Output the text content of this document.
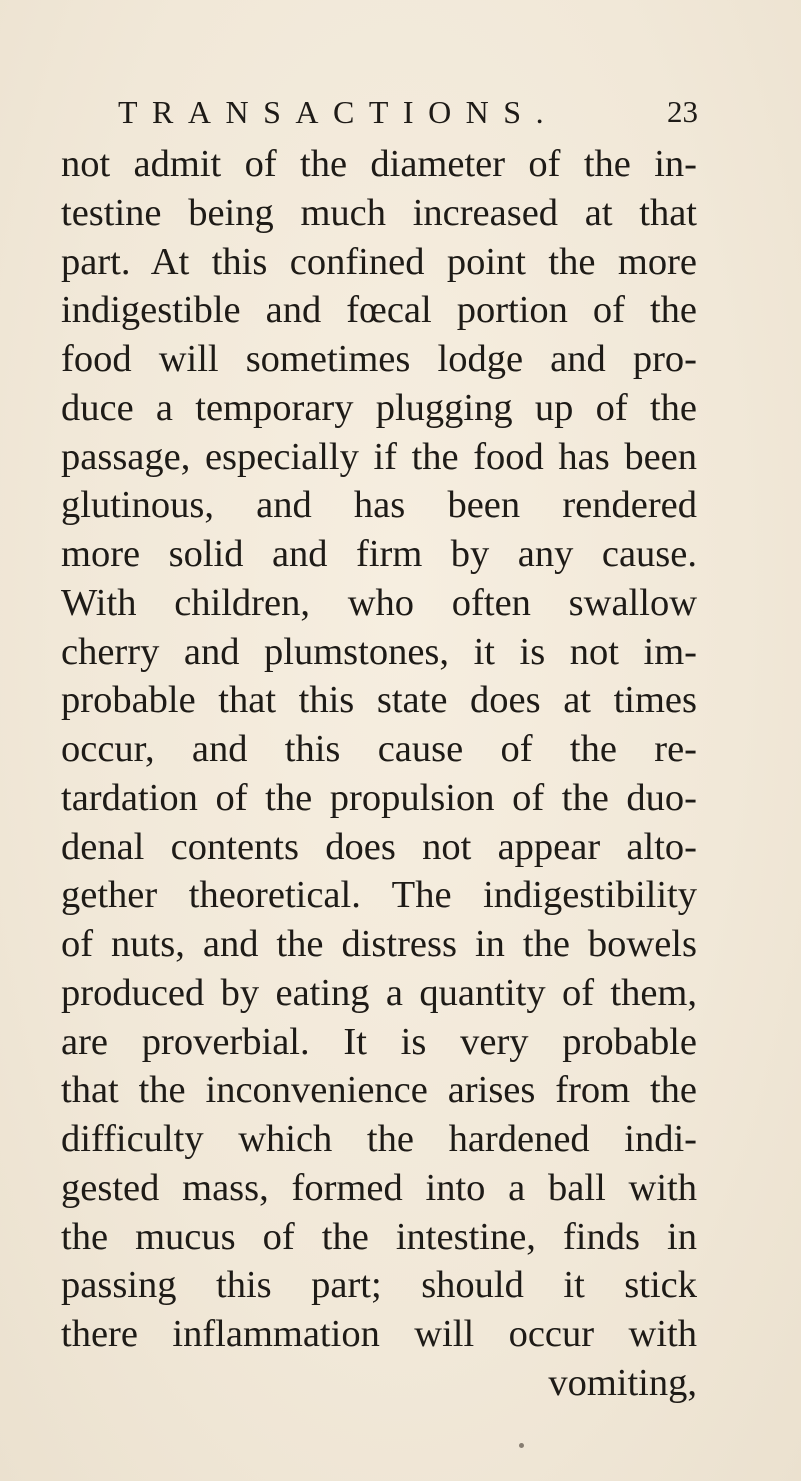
TRANSACTIONS.	23
not admit of the diameter of the in-
testine being much increased at that
part. At this confined point the more
indigestible and fœcal portion of the
food will sometimes lodge and pro-
duce a temporary plugging up of the
passage, especially if the food has been
glutinous, and has been rendered
more solid and firm by any cause.
With children, who often swallow
cherry and plumstones, it is not im-
probable that this state does at times
occur, and this cause of the re-
tardation of the propulsion of the duo-
denal contents does not appear alto-
gether theoretical. The indigestibility
of nuts, and the distress in the bowels
produced by eating a quantity of them,
are proverbial. It is very probable
that the inconvenience arises from the
difficulty which the hardened indi-
gested mass, formed into a ball with
the mucus of the intestine, finds in
passing this part; should it stick
there inflammation will occur with
vomiting,
